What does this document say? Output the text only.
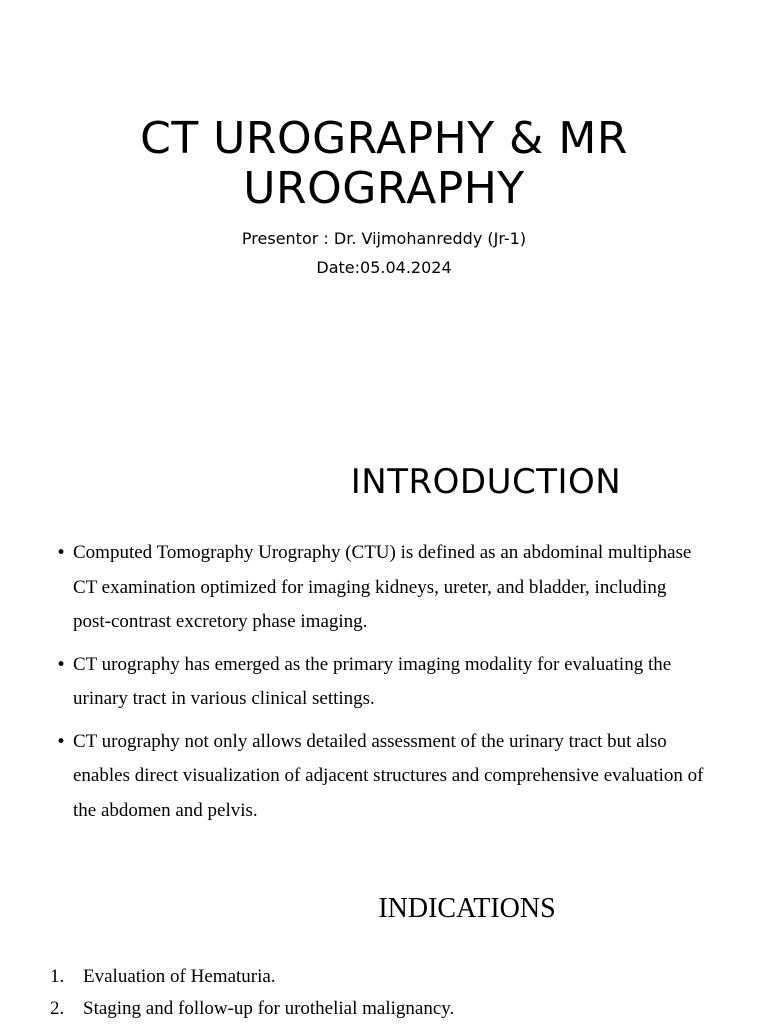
CT UROGRAPHY & MR
UROGRAPHY

Presentor : Dr. Vijmohanreddy (Jr-1)

Date:05.04.2024

INTRODUCTION
• Computed Tomography Urography (CTU) is defined as an abdominal multiphase CT examination optimized for imaging kidneys, ureter, and bladder, including post-contrast excretory phase imaging.
• CT urography has emerged as the primary imaging modality for evaluating the urinary tract in various clinical settings.
• CT urography not only allows detailed assessment of the urinary tract but also enables direct visualization of adjacent structures and comprehensive evaluation of the abdomen and pelvis.
INDICATIONS
1. Evaluation of Hematuria.
2. Staging and follow-up for urothelial malignancy.
